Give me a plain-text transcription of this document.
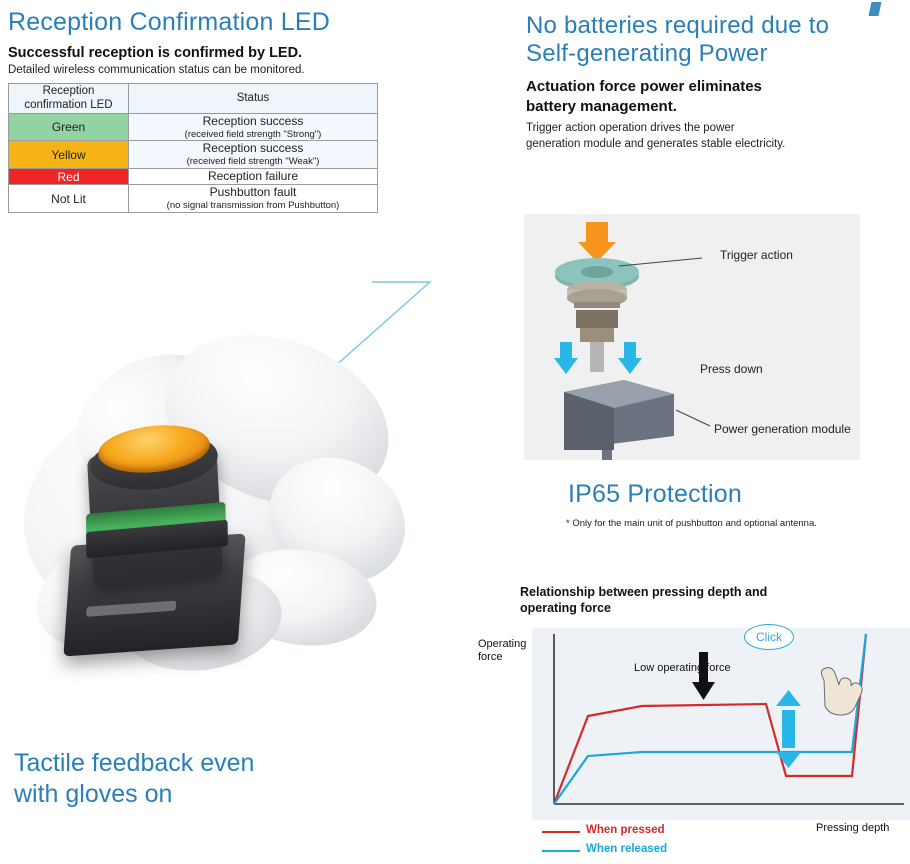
Reception Confirmation LED

Successful reception is confirmed by LED.

Detailed wireless communication status can be monitored.

Reception
confirmation LED	Status
Green	Reception success
(received field strength "Strong")

Yellow	Reception success
(received field strength "Weak")

Red	Reception failure
Not Lit	Pushbutton fault
(no signal transmission from Pushbutton)
Tactile feedback even
with gloves on
No batteries required due to
Self-generating Power

Actuation force power eliminates
battery management.

Trigger action operation drives the power
generation module and generates stable electricity.

Trigger action
Press down
Power generation module
IP65 Protection

* Only for the main unit of pushbutton and optional antenna.

Relationship between pressing depth and operating force
Click
Operating
force
Pressing depth
Low operating force
When pressed
When released
